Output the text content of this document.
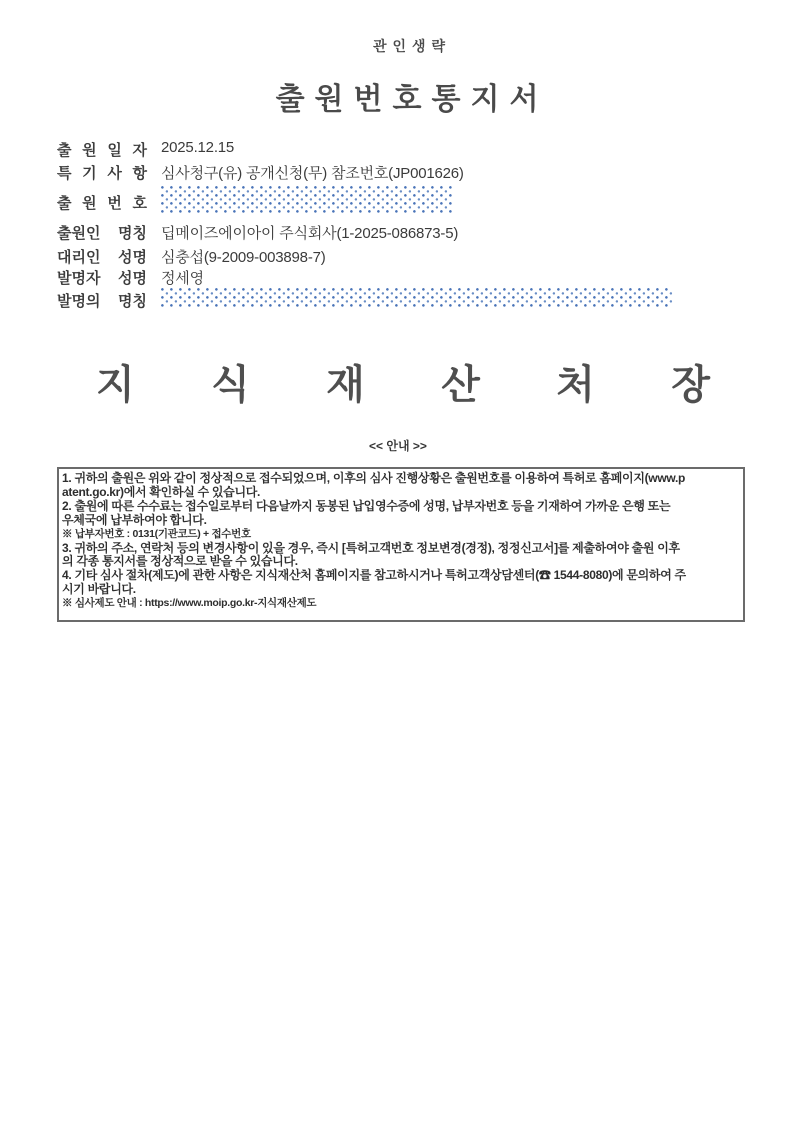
관인생략
출원번호통지서
출 원 일 자 2025.12.15
특 기 사 항 심사청구(유) 공개신청(무) 참조번호(JP001626)
출 원 번 호
출원인 명칭 딥메이즈에이아이 주식회사(1-2025-086873-5)
대리인 성명 심충섭(9-2009-003898-7)
발명자 성명 정세영
발명의 명칭
지 식 재 산 처 장
<< 안내 >>
1. 귀하의 출원은 위와 같이 정상적으로 접수되었으며, 이후의 심사 진행상황은 출원번호를 이용하여 특허로 홈페이지(www.p
atent.go.kr)에서 확인하실 수 있습니다.
2. 출원에 따른 수수료는 접수일로부터 다음날까지 동봉된 납입영수증에 성명, 납부자번호 등을 기재하여 가까운 은행 또는
우체국에 납부하여야 합니다.
※ 납부자번호 : 0131(기관코드) + 접수번호
3. 귀하의 주소, 연락처 등의 변경사항이 있을 경우, 즉시 [특허고객번호 정보변경(경정), 정정신고서]를 제출하여야 출원 이후
의 각종 통지서를 정상적으로 받을 수 있습니다.
4. 기타 심사 절차(제도)에 관한 사항은 지식재산처 홈페이지를 참고하시거나 특허고객상담센터(☎ 1544-8080)에 문의하여 주
시기 바랍니다.
※ 심사제도 안내 : https://www.moip.go.kr-지식재산제도
